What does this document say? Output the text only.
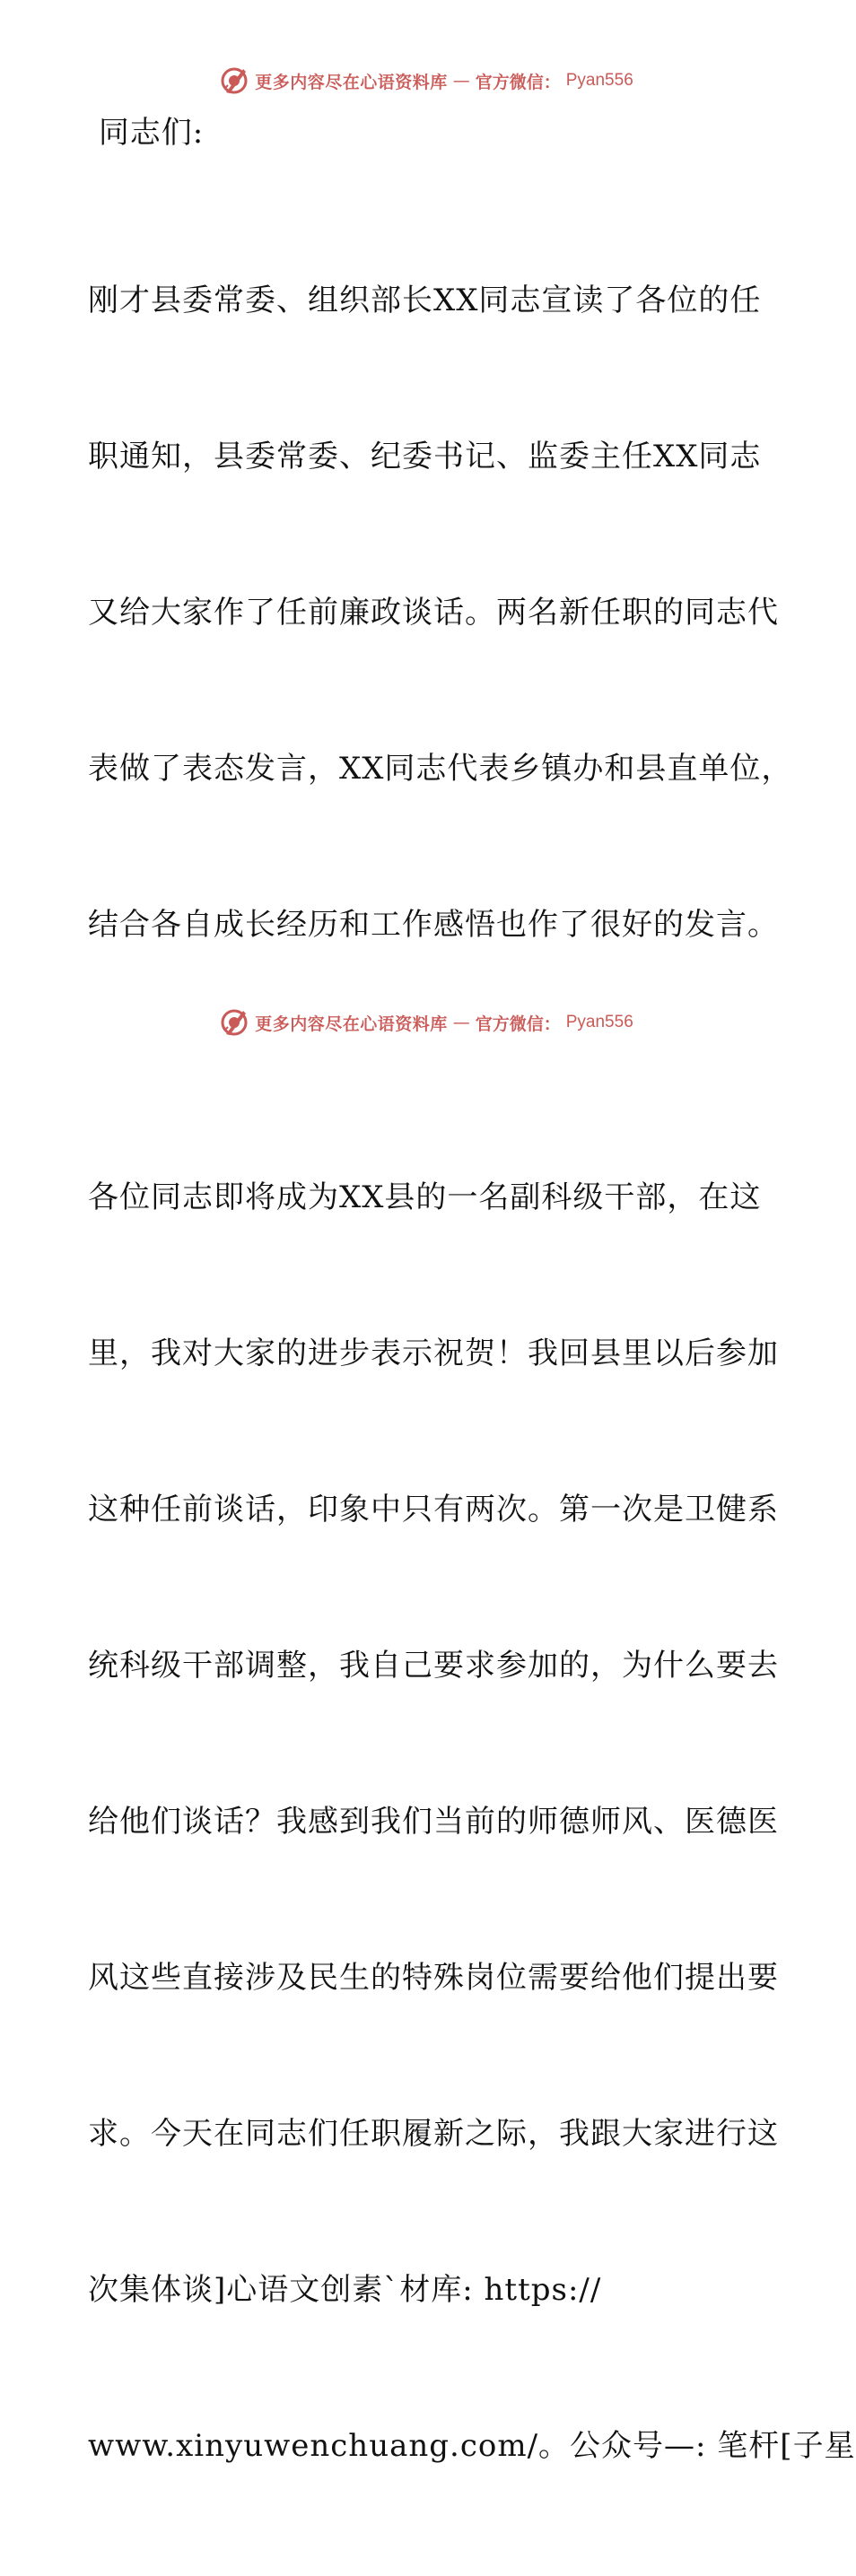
更多内容尽在心语资料库 — 官方微信： Pyan556
同志们:

刚才县委常委、组织部长XX同志宣读了各位的任

职通知，县委常委、纪委书记、监委主任XX同志

又给大家作了任前廉政谈话。两名新任职的同志代

表做了表态发言，XX同志代表乡镇办和县直单位，

结合各自成长经历和工作感悟也作了很好的发言。

各位同志即将成为XX县的一名副科级干部，在这

里，我对大家的进步表示祝贺！我回县里以后参加

这种任前谈话，印象中只有两次。第一次是卫健系

统科级干部调整，我自己要求参加的，为什么要去

给他们谈话？我感到我们当前的师德师风、医德医

风这些直接涉及民生的特殊岗位需要给他们提出要

求。今天在同志们任职履新之际，我跟大家进行这

次集体谈]心语文创素`材库: https://

www.xinyuwenchuang.com/。公众号—: 笔杆[子星

更多内容尽在心语资料库 — 官方微信： Pyan556
